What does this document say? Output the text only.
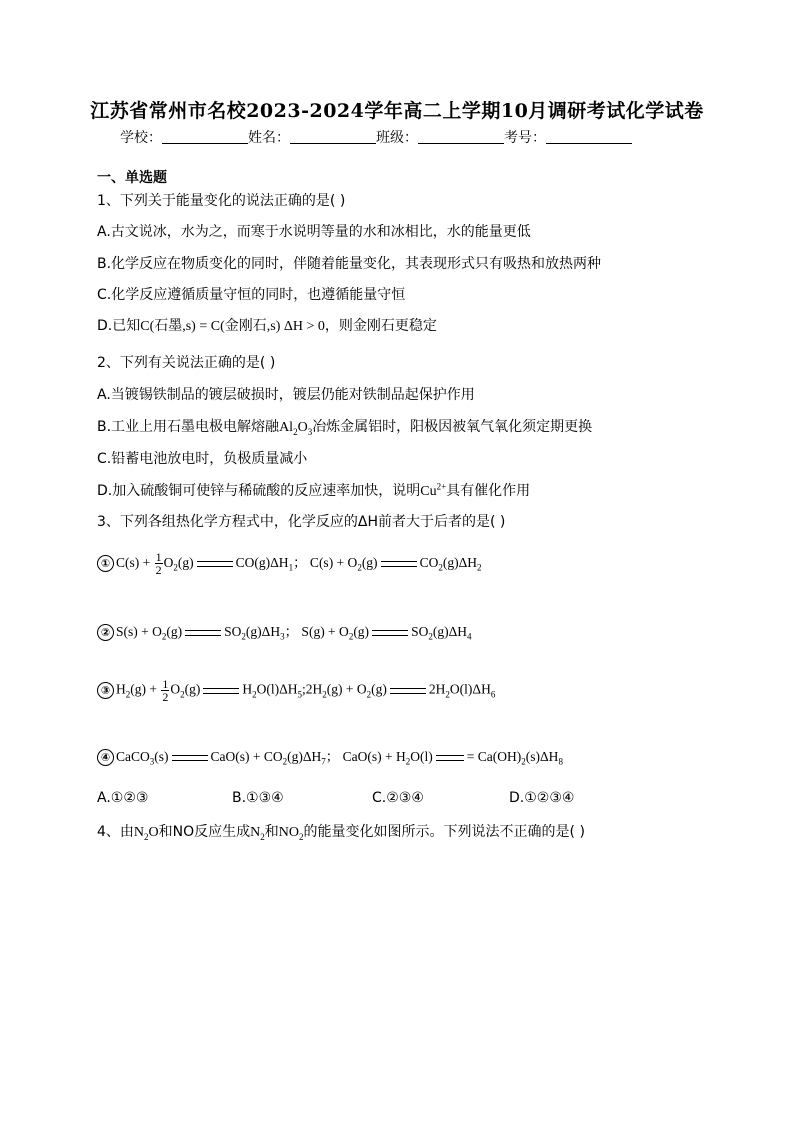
江苏省常州市名校2023-2024学年高二上学期10月调研考试化学试卷
学校：	姓名：	班级：	考号：
一、单选题
1、下列关于能量变化的说法正确的是( )
A.古文说冰，水为之，而寒于水说明等量的水和冰相比，水的能量更低
B.化学反应在物质变化的同时，伴随着能量变化，其表现形式只有吸热和放热两种
C.化学反应遵循质量守恒的同时，也遵循能量守恒
D.已知C(石墨,s) = C(金刚石,s) ΔH > 0，则金刚石更稳定
2、下列有关说法正确的是( )
A.当镀锡铁制品的镀层破损时，镀层仍能对铁制品起保护作用
B.工业上用石墨电极电解熔融$Al_2O_3$冶炼金属铝时，阳极因被氧气氧化须定期更换
C.铅蓄电池放电时，负极质量减小
D.加入硫酸铜可使锌与稀硫酸的反应速率加快，说明$Cu^{2+}$具有催化作用
3、下列各组热化学方程式中，化学反应的ΔH前者大于后者的是( )
① $C(s) + \frac{1}{2} O_2(g)$	$CO(g)\Delta H_1$； $C(s) + O_2(g)$	$CO_2(g)\Delta H_2$
② $S(s) + O_2(g)$	$SO_2(g)\Delta H_3$； $S(g) + O_2(g)$	$SO_2(g)\Delta H_4$
③ $H_2(g) + \frac{1}{2} O_2(g)$	$H_2O(l)\Delta H_5;2H_2(g) + O_2(g)$	$2H_2O(l)\Delta H_6$
④ CaCO$_3$(s)	$CaO(s) + CO_2(g)\Delta H_7$； $CaO(s) + H_2O(l)$	= $Ca(OH)_2(s)\Delta H_8$
A.①②③	B.①③④	C.②③④	D.①②③④
4、由$N_2O$和NO反应生成$N_2$和$NO_2$的能量变化如图所示。下列说法不正确的是( )
